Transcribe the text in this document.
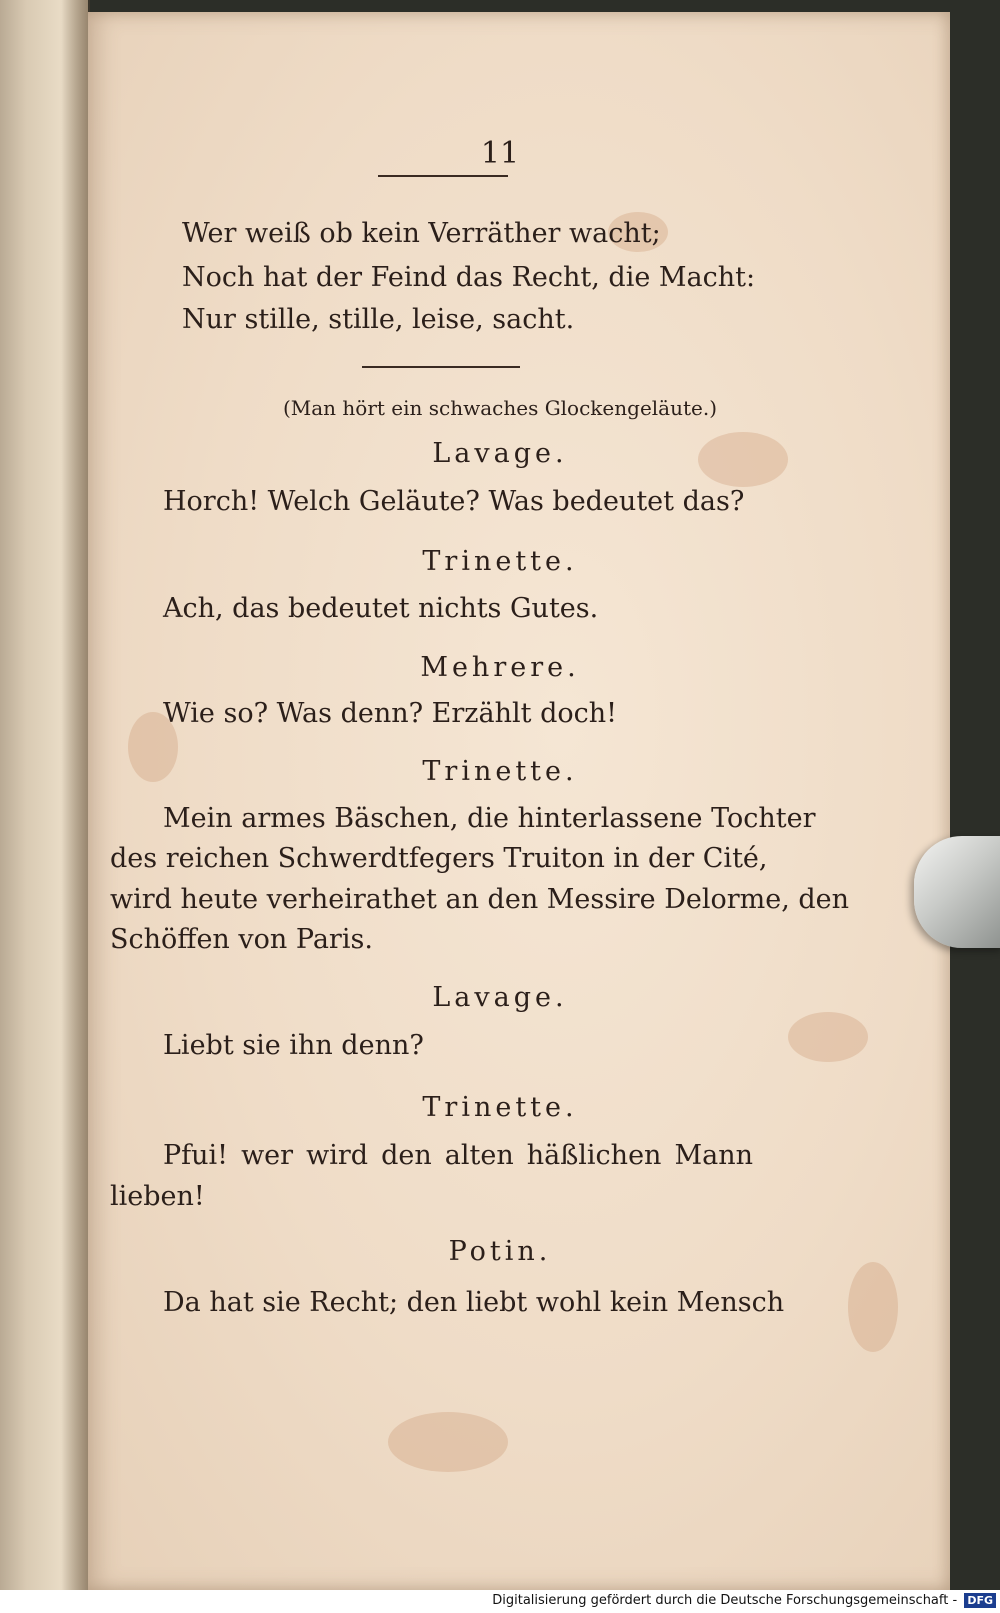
11
Wer weiß ob kein Verräther wacht;
Noch hat der Feind das Recht, die Macht:
Nur stille, stille, leise, sacht.
(Man hört ein schwaches Glockengeläute.)
Lavage.
Horch! Welch Geläute? Was bedeutet das?
Trinette.
Ach, das bedeutet nichts Gutes.
Mehrere.
Wie so? Was denn? Erzählt doch!
Trinette.
Mein armes Bäschen, die hinterlassene Tochter
des reichen Schwerdtfegers Truiton in der Cité,
wird heute verheirathet an den Messire Delorme, den
Schöffen von Paris.
Lavage.
Liebt sie ihn denn?
Trinette.
Pfui! wer wird den alten häßlichen Mann
lieben!
Potin.
Da hat sie Recht; den liebt wohl kein Mensch
Digitalisierung gefördert durch die Deutsche Forschungsgemeinschaft - DFG
